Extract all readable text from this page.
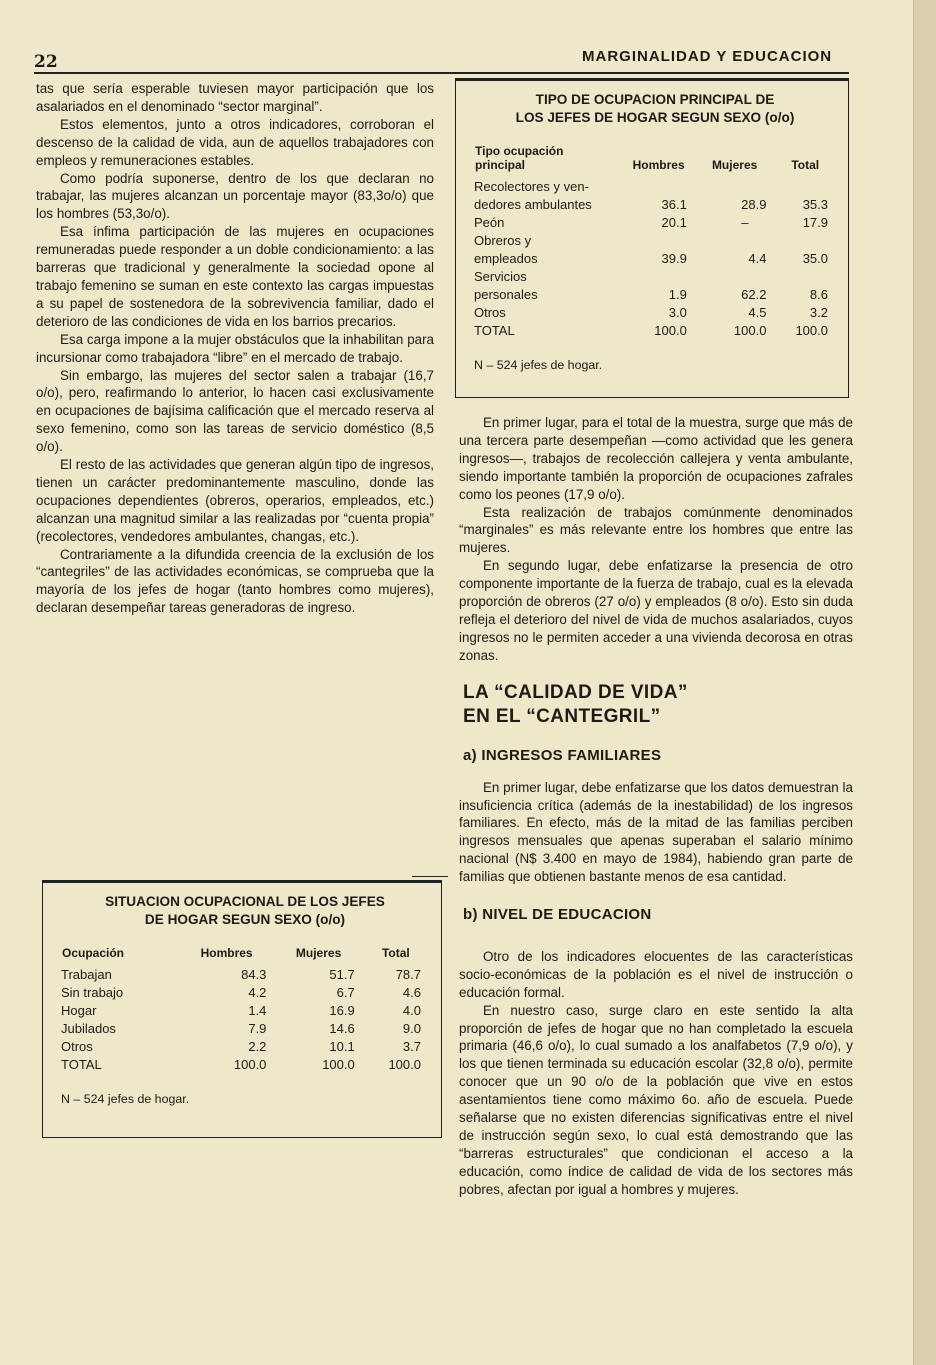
22	MARGINALIDAD Y EDUCACION

tas que sería esperable tuviesen mayor participación que los asalariados en el denominado “sector marginal”.

Estos elementos, junto a otros indicadores, corroboran el descenso de la calidad de vida, aun de aquellos trabajadores con empleos y remuneraciones estables.

Como podría suponerse, dentro de los que declaran no trabajar, las mujeres alcanzan un porcentaje mayor (83,3o/o) que los hombres (53,3o/o).

Esa ínfima participación de las mujeres en ocupaciones remuneradas puede responder a un doble condicionamiento: a las barreras que tradicional y generalmente la sociedad opone al trabajo femenino se suman en este contexto las cargas impuestas a su papel de sostenedora de la sobrevivencia familiar, dado el deterioro de las condiciones de vida en los barrios precarios.

Esa carga impone a la mujer obstáculos que la inhabilitan para incursionar como trabajadora “libre” en el mercado de trabajo.

Sin embargo, las mujeres del sector salen a trabajar (16,7 o/o), pero, reafirmando lo anterior, lo hacen casi exclusivamente en ocupaciones de bajísima calificación que el mercado reserva al sexo femenino, como son las tareas de servicio doméstico (8,5 o/o).

El resto de las actividades que generan algún tipo de ingresos, tienen un carácter predominantemente masculino, donde las ocupaciones dependientes (obreros, operarios, empleados, etc.) alcanzan una magnitud similar a las realizadas por “cuenta propia” (recolectores, vendedores ambulantes, changas, etc.).

Contrariamente a la difundida creencia de la exclusión de los “cantegriles” de las actividades económicas, se comprueba que la mayoría de los jefes de hogar (tanto hombres como mujeres), declaran desempeñar tareas generadoras de ingreso.

TIPO DE OCUPACION PRINCIPAL DE
LOS JEFES DE HOGAR SEGUN SEXO (o/o)
Tipo ocupación
principal	Hombres	Mujeres	Total
Recolectores y ven-			
dedores ambulantes	36.1	28.9	35.3
Peón	20.1	–	17.9
Obreros y			
empleados	39.9	4.4	35.0
Servicios			
personales	1.9	62.2	8.6
Otros	3.0	4.5	3.2
TOTAL	100.0	100.0	100.0
N – 524 jefes de hogar.

En primer lugar, para el total de la muestra, surge que más de una tercera parte desempeñan —como actividad que les genera ingresos—, trabajos de recolección callejera y venta ambulante, siendo importante también la proporción de ocupaciones zafrales como los peones (17,9 o/o).

Esta realización de trabajos comúnmente denominados “marginales” es más relevante entre los hombres que entre las mujeres.

En segundo lugar, debe enfatizarse la presencia de otro componente importante de la fuerza de trabajo, cual es la elevada proporción de obreros (27 o/o) y empleados (8 o/o). Esto sin duda refleja el deterioro del nivel de vida de muchos asalariados, cuyos ingresos no le permiten acceder a una vivienda decorosa en otras zonas.

LA “CALIDAD DE VIDA”
EN EL “CANTEGRIL”
a) INGRESOS FAMILIARES

En primer lugar, debe enfatizarse que los datos demuestran la insuficiencia crítica (además de la inestabilidad) de los ingresos familiares. En efecto, más de la mitad de las familias perciben ingresos mensuales que apenas superaban el salario mínimo nacional (N$ 3.400 en mayo de 1984), habiendo gran parte de familias que obtienen bastante menos de esa cantidad.

b) NIVEL DE EDUCACION

Otro de los indicadores elocuentes de las características socio-económicas de la población es el nivel de instrucción o educación formal.

En nuestro caso, surge claro en este sentido la alta proporción de jefes de hogar que no han completado la escuela primaria (46,6 o/o), lo cual sumado a los analfabetos (7,9 o/o), y los que tienen terminada su educación escolar (32,8 o/o), permite conocer que un 90 o/o de la población que vive en estos asentamientos tiene como máximo 6o. año de escuela. Puede señalarse que no existen diferencias significativas entre el nivel de instrucción según sexo, lo cual está demostrando que las “barreras estructurales” que condicionan el acceso a la educación, como índice de calidad de vida de los sectores más pobres, afectan por igual a hombres y mujeres.

SITUACION OCUPACIONAL DE LOS JEFES
DE HOGAR SEGUN SEXO (o/o)
Ocupación	Hombres	Mujeres	Total
Trabajan	84.3	51.7	78.7
Sin trabajo	4.2	6.7	4.6
Hogar	1.4	16.9	4.0
Jubilados	7.9	14.6	9.0
Otros	2.2	10.1	3.7
TOTAL	100.0	100.0	100.0
N – 524 jefes de hogar.
